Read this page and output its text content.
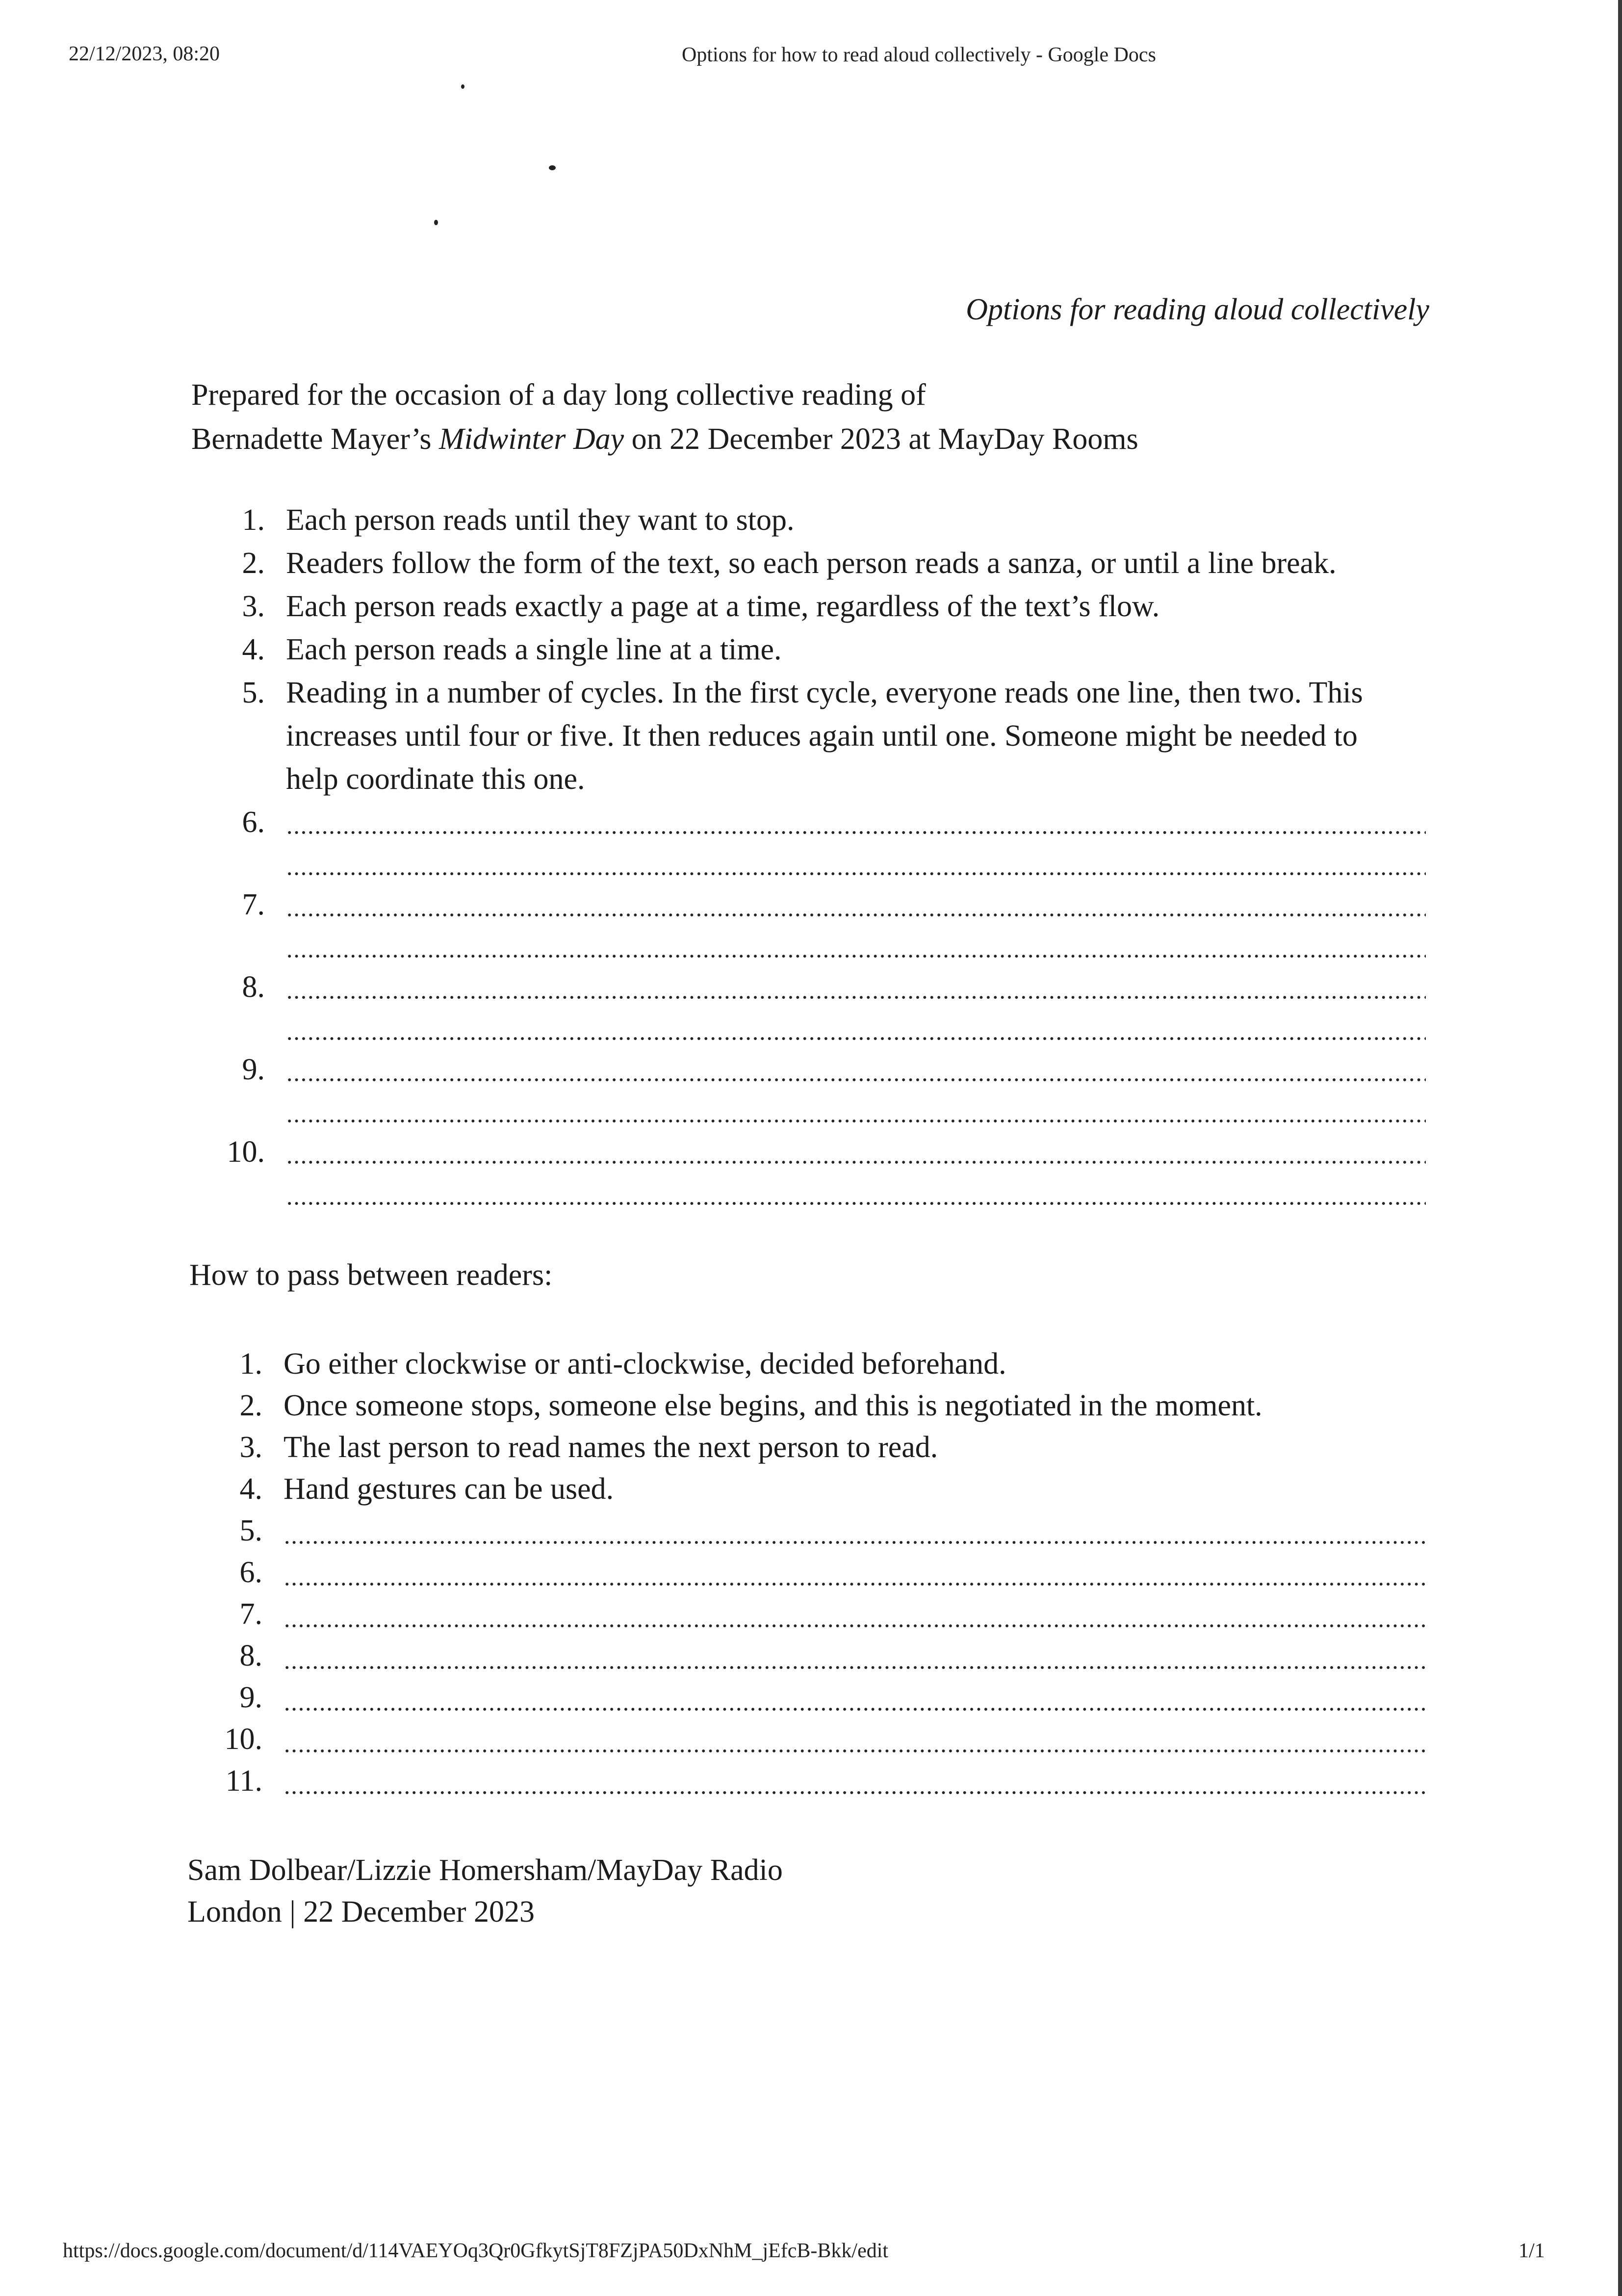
22/12/2023, 08:20	Options for how to read aloud collectively - Google Docs
Options for reading aloud collectively
Prepared for the occasion of a day long collective reading of
Bernadette Mayer’s Midwinter Day on 22 December 2023 at MayDay Rooms
1. Each person reads until they want to stop.
2. Readers follow the form of the text, so each person reads a sanza, or until a line break.
3. Each person reads exactly a page at a time, regardless of the text’s flow.
4. Each person reads a single line at a time.
5. Reading in a number of cycles. In the first cycle, everyone reads one line, then two. This
increases until four or five. It then reduces again until one. Someone might be needed to
help coordinate this one.
6.
7.
8.
9.
10.
How to pass between readers:
1. Go either clockwise or anti-clockwise, decided beforehand.
2. Once someone stops, someone else begins, and this is negotiated in the moment.
3. The last person to read names the next person to read.
4. Hand gestures can be used.
5.
6.
7.
8.
9.
10.
11.
Sam Dolbear/Lizzie Homersham/MayDay Radio
London | 22 December 2023
https://docs.google.com/document/d/114VAEYOq3Qr0GfkytSjT8FZjPA50DxNhM_jEfcB-Bkk/edit	1/1
